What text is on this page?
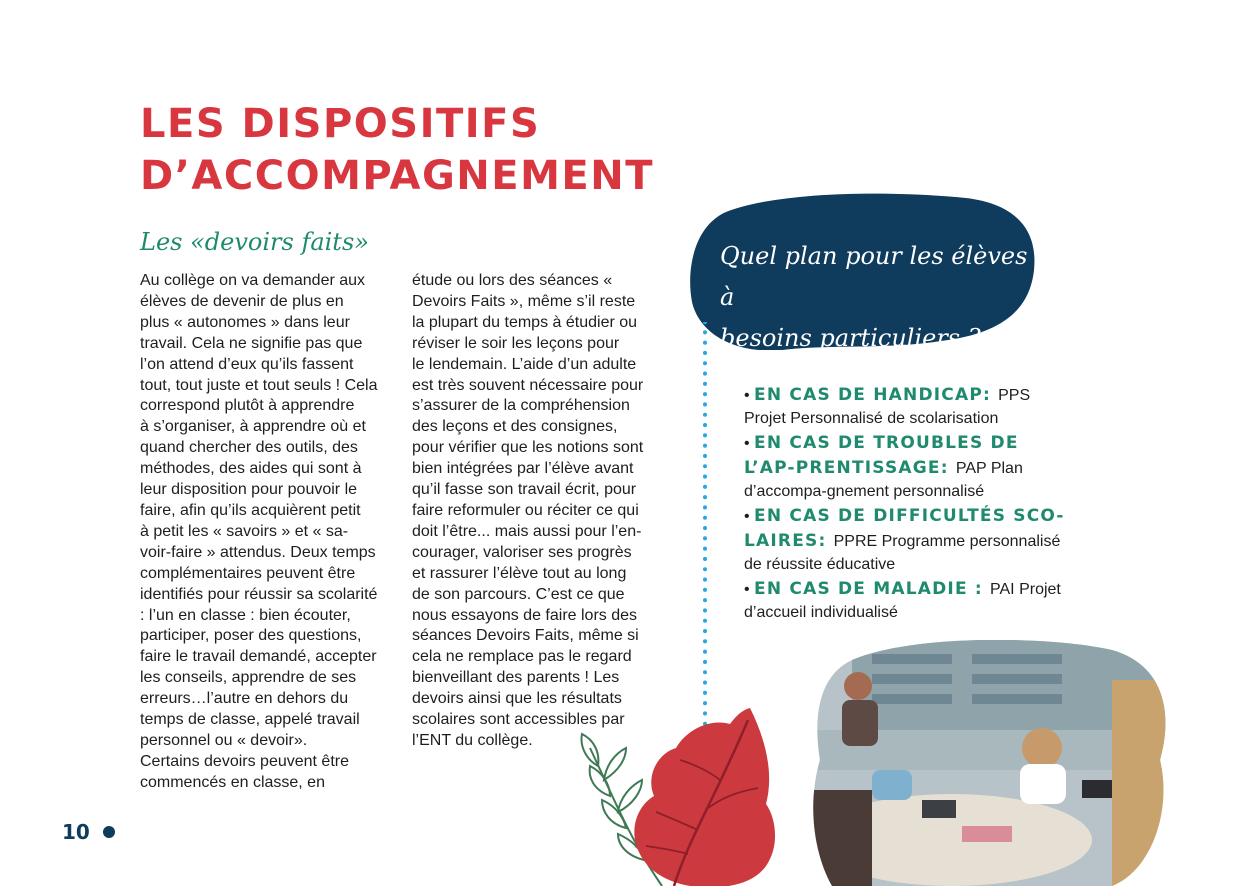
LES DISPOSITIFS
D’ACCOMPAGNEMENT
Les «devoirs faits»
Au collège on va demander aux
élèves de devenir de plus en
plus « autonomes » dans leur
travail. Cela ne signifie pas que
l’on attend d’eux qu’ils fassent
tout, tout juste et tout seuls ! Cela
correspond plutôt à apprendre
à s’organiser, à apprendre où et
quand chercher des outils, des
méthodes, des aides qui sont à
leur disposition pour pouvoir le
faire, afin qu’ils acquièrent petit
à petit les « savoirs » et « sa-
voir-faire » attendus. Deux temps
complémentaires peuvent être
identifiés pour réussir sa scolarité
: l’un en classe : bien écouter,
participer, poser des questions,
faire le travail demandé, accepter
les conseils, apprendre de ses
erreurs…l’autre en dehors du
temps de classe, appelé travail
personnel ou « devoir».
Certains devoirs peuvent être
commencés en classe, en
étude ou lors des séances «
Devoirs Faits », même s’il reste
la plupart du temps à étudier ou
réviser le soir les leçons pour
le lendemain. L’aide d’un adulte
est très souvent nécessaire pour
s’assurer de la compréhension
des leçons et des consignes,
pour vérifier que les notions sont
bien intégrées par l’élève avant
qu’il fasse son travail écrit, pour
faire reformuler ou réciter ce qui
doit l’être... mais aussi pour l’en-
courager, valoriser ses progrès
et rassurer l’élève tout au long
de son parcours. C’est ce que
nous essayons de faire lors des
séances Devoirs Faits, même si
cela ne remplace pas le regard
bienveillant des parents ! Les
devoirs ainsi que les résultats
scolaires sont accessibles par
l’ENT du collège.
Quel plan pour les élèves à
besoins particuliers ?

• EN CAS DE HANDICAP: PPS Projet Personnalisé de scolarisation

• EN CAS DE TROUBLES DE L’AP-PRENTISSAGE: PAP Plan d’accompa-gnement personnalisé

• EN CAS DE DIFFICULTÉS SCO-LAIRES: PPRE Programme personnalisé de réussite éducative

• EN CAS DE MALADIE : PAI Projet d’accueil individualisé

10
